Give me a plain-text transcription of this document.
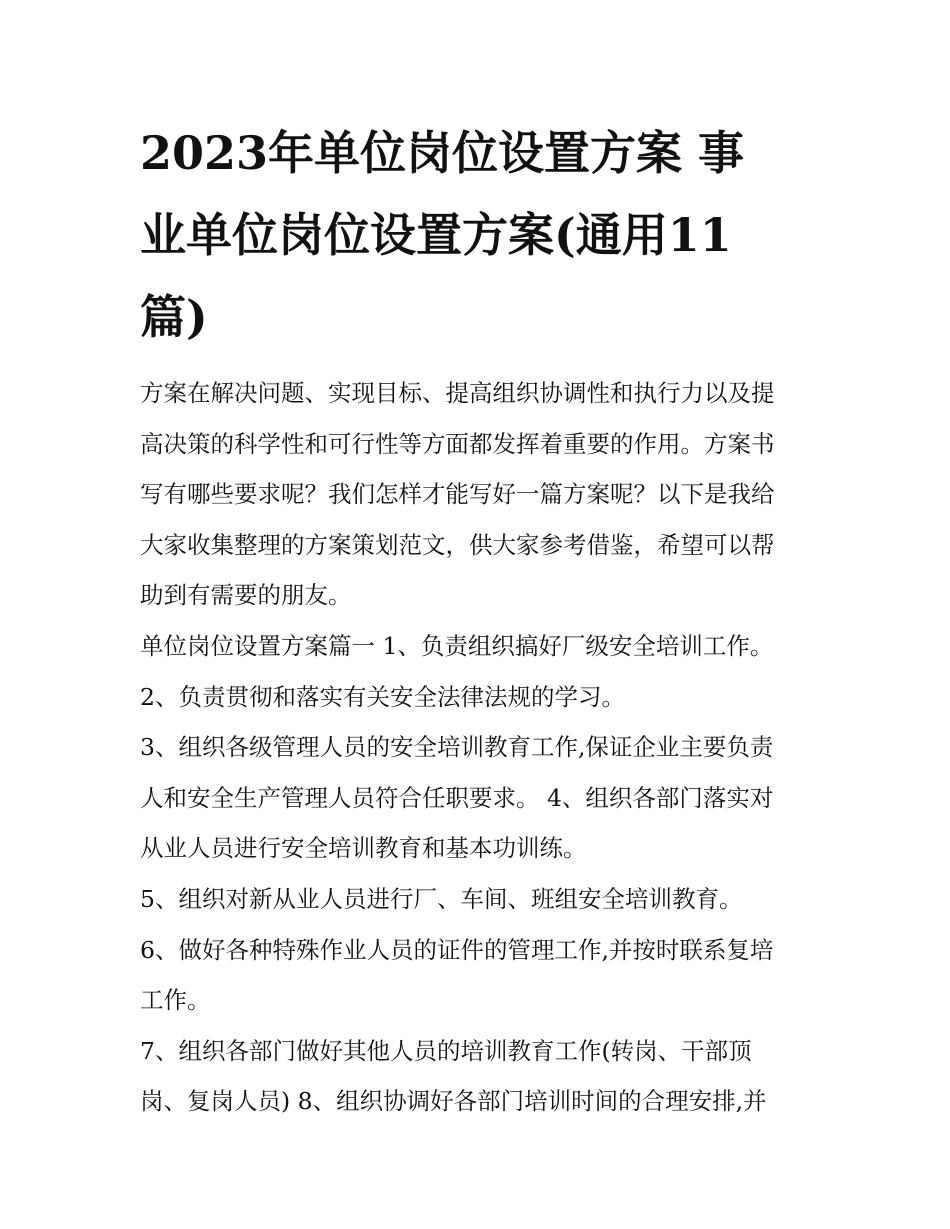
2023年单位岗位设置方案 事
业单位岗位设置方案(通用11
篇)
方案在解决问题、实现目标、提高组织协调性和执行力以及提
高决策的科学性和可行性等方面都发挥着重要的作用。方案书
写有哪些要求呢？我们怎样才能写好一篇方案呢？以下是我给
大家收集整理的方案策划范文，供大家参考借鉴，希望可以帮
助到有需要的朋友。
单位岗位设置方案篇一 1、负责组织搞好厂级安全培训工作。
2、负责贯彻和落实有关安全法律法规的学习。
3、组织各级管理人员的安全培训教育工作,保证企业主要负责
人和安全生产管理人员符合任职要求。 4、组织各部门落实对
从业人员进行安全培训教育和基本功训练。
5、组织对新从业人员进行厂、车间、班组安全培训教育。
6、做好各种特殊作业人员的证件的管理工作,并按时联系复培
工作。
7、组织各部门做好其他人员的培训教育工作(转岗、干部顶
岗、复岗人员) 8、组织协调好各部门培训时间的合理安排,并
